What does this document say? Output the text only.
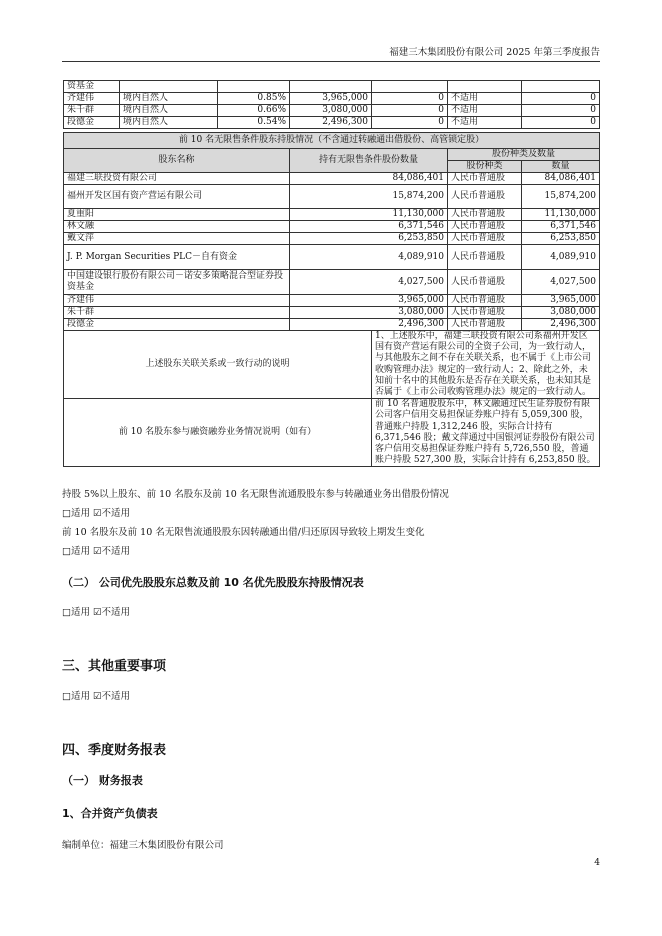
福建三木集团股份有限公司 2025 年第三季度报告
资基金						
齐建伟	境内自然人	0.85%	3,965,000	0	不适用	0
朱千群	境内自然人	0.66%	3,080,000	0	不适用	0
段德金	境内自然人	0.54%	2,496,300	0	不适用	0
前 10 名无限售条件股东持股情况（不含通过转融通出借股份、高管锁定股）				
股东名称	持有无限售条件股份数量		股份种类及数量	
			股份种类	数量
福建三联投资有限公司	84,086,401		人民币普通股	84,086,401
福州开发区国有资产营运有限公司	15,874,200		人民币普通股	15,874,200
夏重阳	11,130,000		人民币普通股	11,130,000
林文融	6,371,546		人民币普通股	6,371,546
戴文萍	6,253,850		人民币普通股	6,253,850
J. P. Morgan Securities PLC－自有资金	4,089,910		人民币普通股	4,089,910
中国建设银行股份有限公司－诺安多策略混合型证券投资基金	4,027,500		人民币普通股	4,027,500
齐建伟	3,965,000		人民币普通股	3,965,000
朱千群	3,080,000		人民币普通股	3,080,000
段德金	2,496,300		人民币普通股	2,496,300
上述股东关联关系或一致行动的说明		1、上述股东中，福建三联投资有限公司系福州开发区国有资产营运有限公司的全资子公司，为一致行动人，与其他股东之间不存在关联关系，也不属于《上市公司收购管理办法》规定的一致行动人；2、除此之外，未知前十名中的其他股东是否存在关联关系，也未知其是否属于《上市公司收购管理办法》规定的一致行动人。		
前 10 名股东参与融资融券业务情况说明（如有）		前 10 名普通股股东中，林文融通过民生证券股份有限公司客户信用交易担保证券账户持有 5,059,300 股，普通账户持股 1,312,246 股，实际合计持有 6,371,546 股；戴文萍通过中国银河证券股份有限公司客户信用交易担保证券账户持有 5,726,550 股，普通账户持股 527,300 股，实际合计持有 6,253,850 股。		
持股 5%以上股东、前 10 名股东及前 10 名无限售流通股股东参与转融通业务出借股份情况
□适用 ☑不适用
前 10 名股东及前 10 名无限售流通股股东因转融通出借/归还原因导致较上期发生变化
□适用 ☑不适用
（二） 公司优先股股东总数及前 10 名优先股股东持股情况表
□适用 ☑不适用
三、其他重要事项
□适用 ☑不适用
四、季度财务报表
（一） 财务报表
1、合并资产负债表
编制单位：福建三木集团股份有限公司
4
